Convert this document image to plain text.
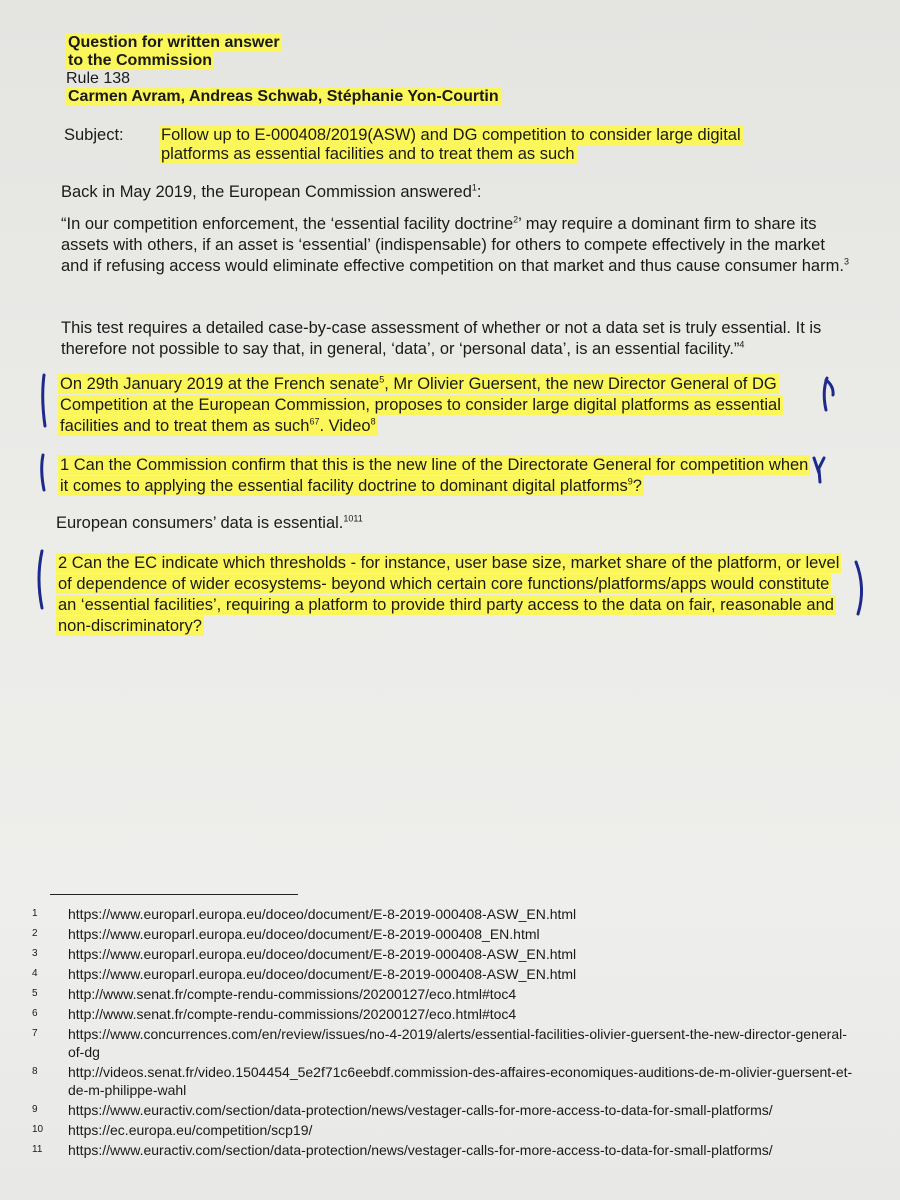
Question for written answer
to the Commission
Rule 138
Carmen Avram, Andreas Schwab, Stéphanie Yon-Courtin
Subject: Follow up to E-000408/2019(ASW) and DG competition to consider large digital platforms as essential facilities and to treat them as such
Back in May 2019, the European Commission answered$^1$:
“In our competition enforcement, the ‘essential facility doctrine$^2$’ may require a dominant firm to share its assets with others, if an asset is ‘essential’ (indispensable) for others to compete effectively in the market and if refusing access would eliminate effective competition on that market and thus cause consumer harm.$^3$
This test requires a detailed case-by-case assessment of whether or not a data set is truly essential. It is therefore not possible to say that, in general, ‘data’, or ‘personal data’, is an essential facility.”$^4$
On 29th January 2019 at the French senate$^5$, Mr Olivier Guersent, the new Director General of DG Competition at the European Commission, proposes to consider large digital platforms as essential facilities and to treat them as such$^{67}$. Video$^8$
1 Can the Commission confirm that this is the new line of the Directorate General for competition when it comes to applying the essential facility doctrine to dominant digital platforms$^9$?
European consumers’ data is essential.$^{1011}$
2 Can the EC indicate which thresholds - for instance, user base size, market share of the platform, or level of dependence of wider ecosystems- beyond which certain core functions/platforms/apps would constitute an ‘essential facilities’, requiring a platform to provide third party access to the data on fair, reasonable and non-discriminatory?
1	https://www.europarl.europa.eu/doceo/document/E-8-2019-000408-ASW_EN.html
2	https://www.europarl.europa.eu/doceo/document/E-8-2019-000408_EN.html
3	https://www.europarl.europa.eu/doceo/document/E-8-2019-000408-ASW_EN.html
4	https://www.europarl.europa.eu/doceo/document/E-8-2019-000408-ASW_EN.html
5	http://www.senat.fr/compte-rendu-commissions/20200127/eco.html#toc4
6	http://www.senat.fr/compte-rendu-commissions/20200127/eco.html#toc4
7	https://www.concurrences.com/en/review/issues/no-4-2019/alerts/essential-facilities-olivier-guersent-the-new-director-general-of-dg
8	http://videos.senat.fr/video.1504454_5e2f71c6eebdf.commission-des-affaires-economiques-auditions-de-m-olivier-guersent-et-de-m-philippe-wahl
9	https://www.euractiv.com/section/data-protection/news/vestager-calls-for-more-access-to-data-for-small-platforms/
10	https://ec.europa.eu/competition/scp19/
11	https://www.euractiv.com/section/data-protection/news/vestager-calls-for-more-access-to-data-for-small-platforms/
